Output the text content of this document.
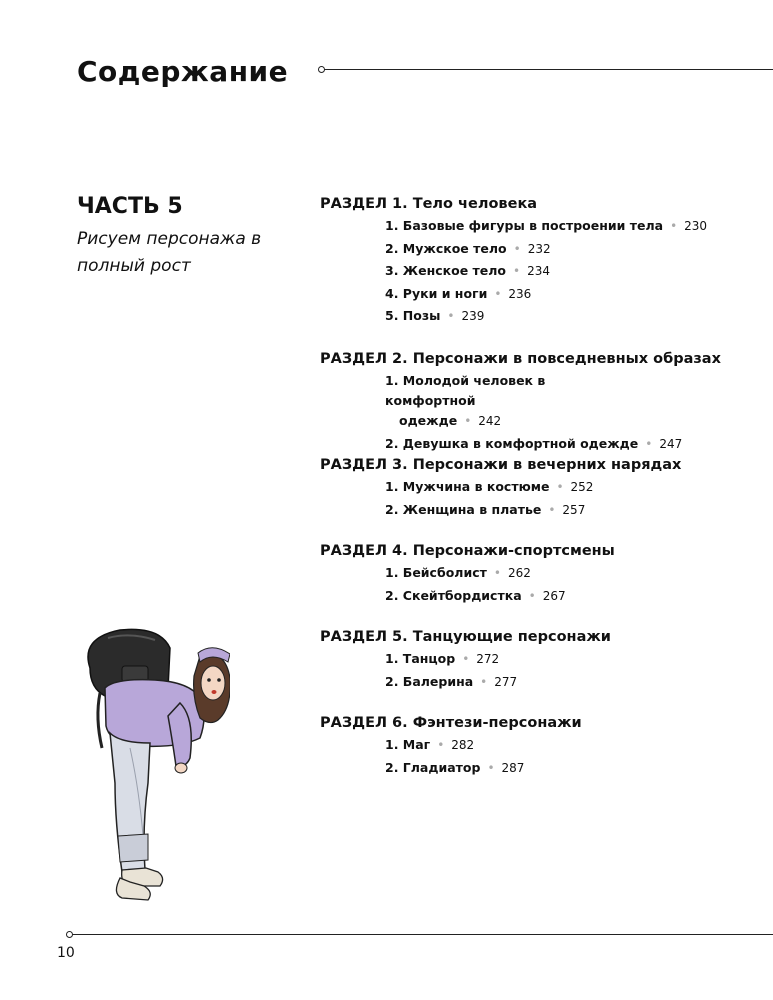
Содержание
ЧАСТЬ 5
Рисуем персонажа в полный рост
РАЗДЕЛ 1. Тело человека
1. Базовые фигуры в построении тела • 230
2. Мужское тело • 232
3. Женское тело • 234
4. Руки и ноги • 236
5. Позы • 239
РАЗДЕЛ 2. Персонажи в повседневных образах
1. Молодой человек в комфортной
одежде • 242
2. Девушка в комфортной одежде • 247
РАЗДЕЛ 3. Персонажи в вечерних нарядах
1. Мужчина в костюме • 252
2. Женщина в платье • 257
РАЗДЕЛ 4. Персонажи-спортсмены
1. Бейсболист • 262
2. Скейтбордистка • 267
РАЗДЕЛ 5. Танцующие персонажи
1. Танцор • 272
2. Балерина • 277
РАЗДЕЛ 6. Фэнтези-персонажи
1. Маг • 282
2. Гладиатор • 287
10
